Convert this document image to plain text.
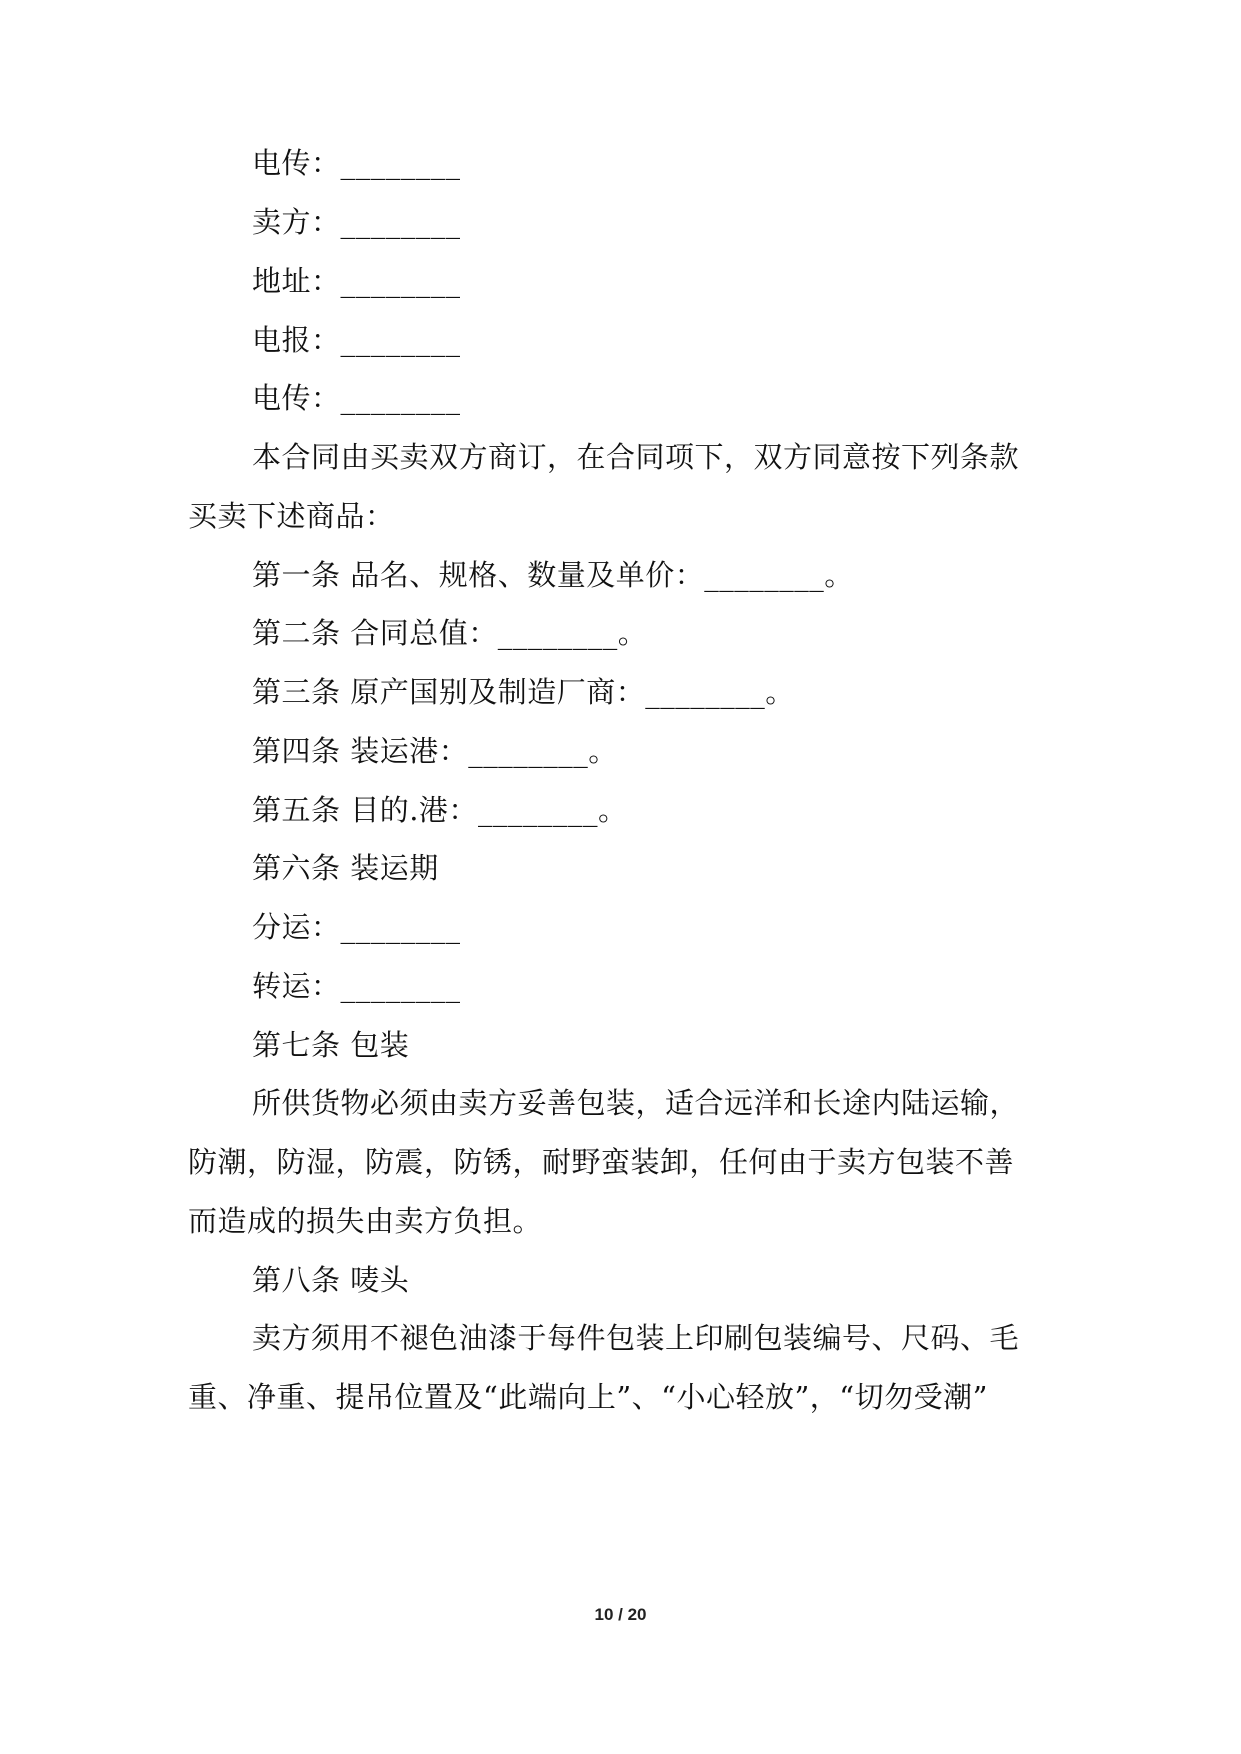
电传：________
卖方：________
地址：________
电报：________
电传：________
本合同由买卖双方商订，在合同项下，双方同意按下列条款
买卖下述商品：
第一条 品名、规格、数量及单价：________。
第二条 合同总值：________。
第三条 原产国别及制造厂商：________。
第四条 装运港：________。
第五条 目的.港：________。
第六条 装运期
分运：________
转运：________
第七条 包装
所供货物必须由卖方妥善包装，适合远洋和长途内陆运输，
防潮，防湿，防震，防锈，耐野蛮装卸，任何由于卖方包装不善
而造成的损失由卖方负担。
第八条 唛头
卖方须用不褪色油漆于每件包装上印刷包装编号、尺码、毛
重、净重、提吊位置及“此端向上”、“小心轻放”，“切勿受潮”
10 / 20
